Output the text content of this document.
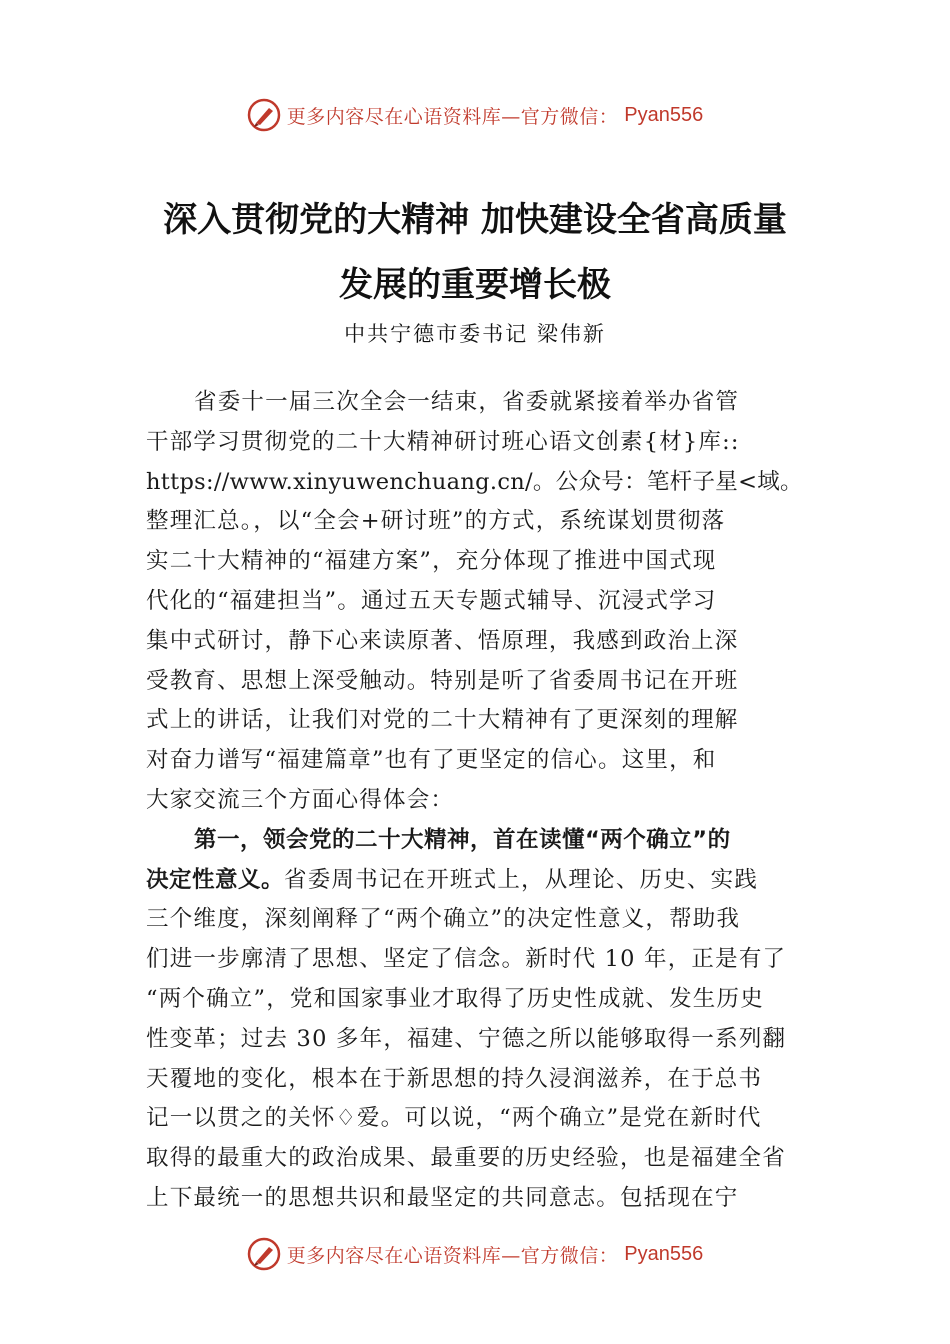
更多内容尽在心语资料库—官方微信： Pyan556
深入贯彻党的大精神 加快建设全省高质量
发展的重要增长极
中共宁德市委书记 梁伟新
省委十一届三次全会一结束，省委就紧接着举办省管
干部学习贯彻党的二十大精神研讨班心语文创素{材}库::
https://www.xinyuwenchuang.cn/。公众号：笔杆子星<域。
整理汇总。，以“全会+研讨班”的方式，系统谋划贯彻落
实二十大精神的“福建方案”，充分体现了推进中国式现
代化的“福建担当”。通过五天专题式辅导、沉浸式学习
集中式研讨，静下心来读原著、悟原理，我感到政治上深
受教育、思想上深受触动。特别是听了省委周书记在开班
式上的讲话，让我们对党的二十大精神有了更深刻的理解
对奋力谱写“福建篇章”也有了更坚定的信心。这里，和
大家交流三个方面心得体会：
第一，领会党的二十大精神，首在读懂“两个确立”的
决定性意义。省委周书记在开班式上，从理论、历史、实践
三个维度，深刻阐释了“两个确立”的决定性意义，帮助我
们进一步廓清了思想、坚定了信念。新时代 10 年，正是有了
“两个确立”，党和国家事业才取得了历史性成就、发生历史
性变革；过去 30 多年，福建、宁德之所以能够取得一系列翻
天覆地的变化，根本在于新思想的持久浸润滋养，在于总书
记一以贯之的关怀♢爱。可以说，“两个确立”是党在新时代
取得的最重大的政治成果、最重要的历史经验，也是福建全省
上下最统一的思想共识和最坚定的共同意志。包括现在宁
更多内容尽在心语资料库—官方微信： Pyan556
